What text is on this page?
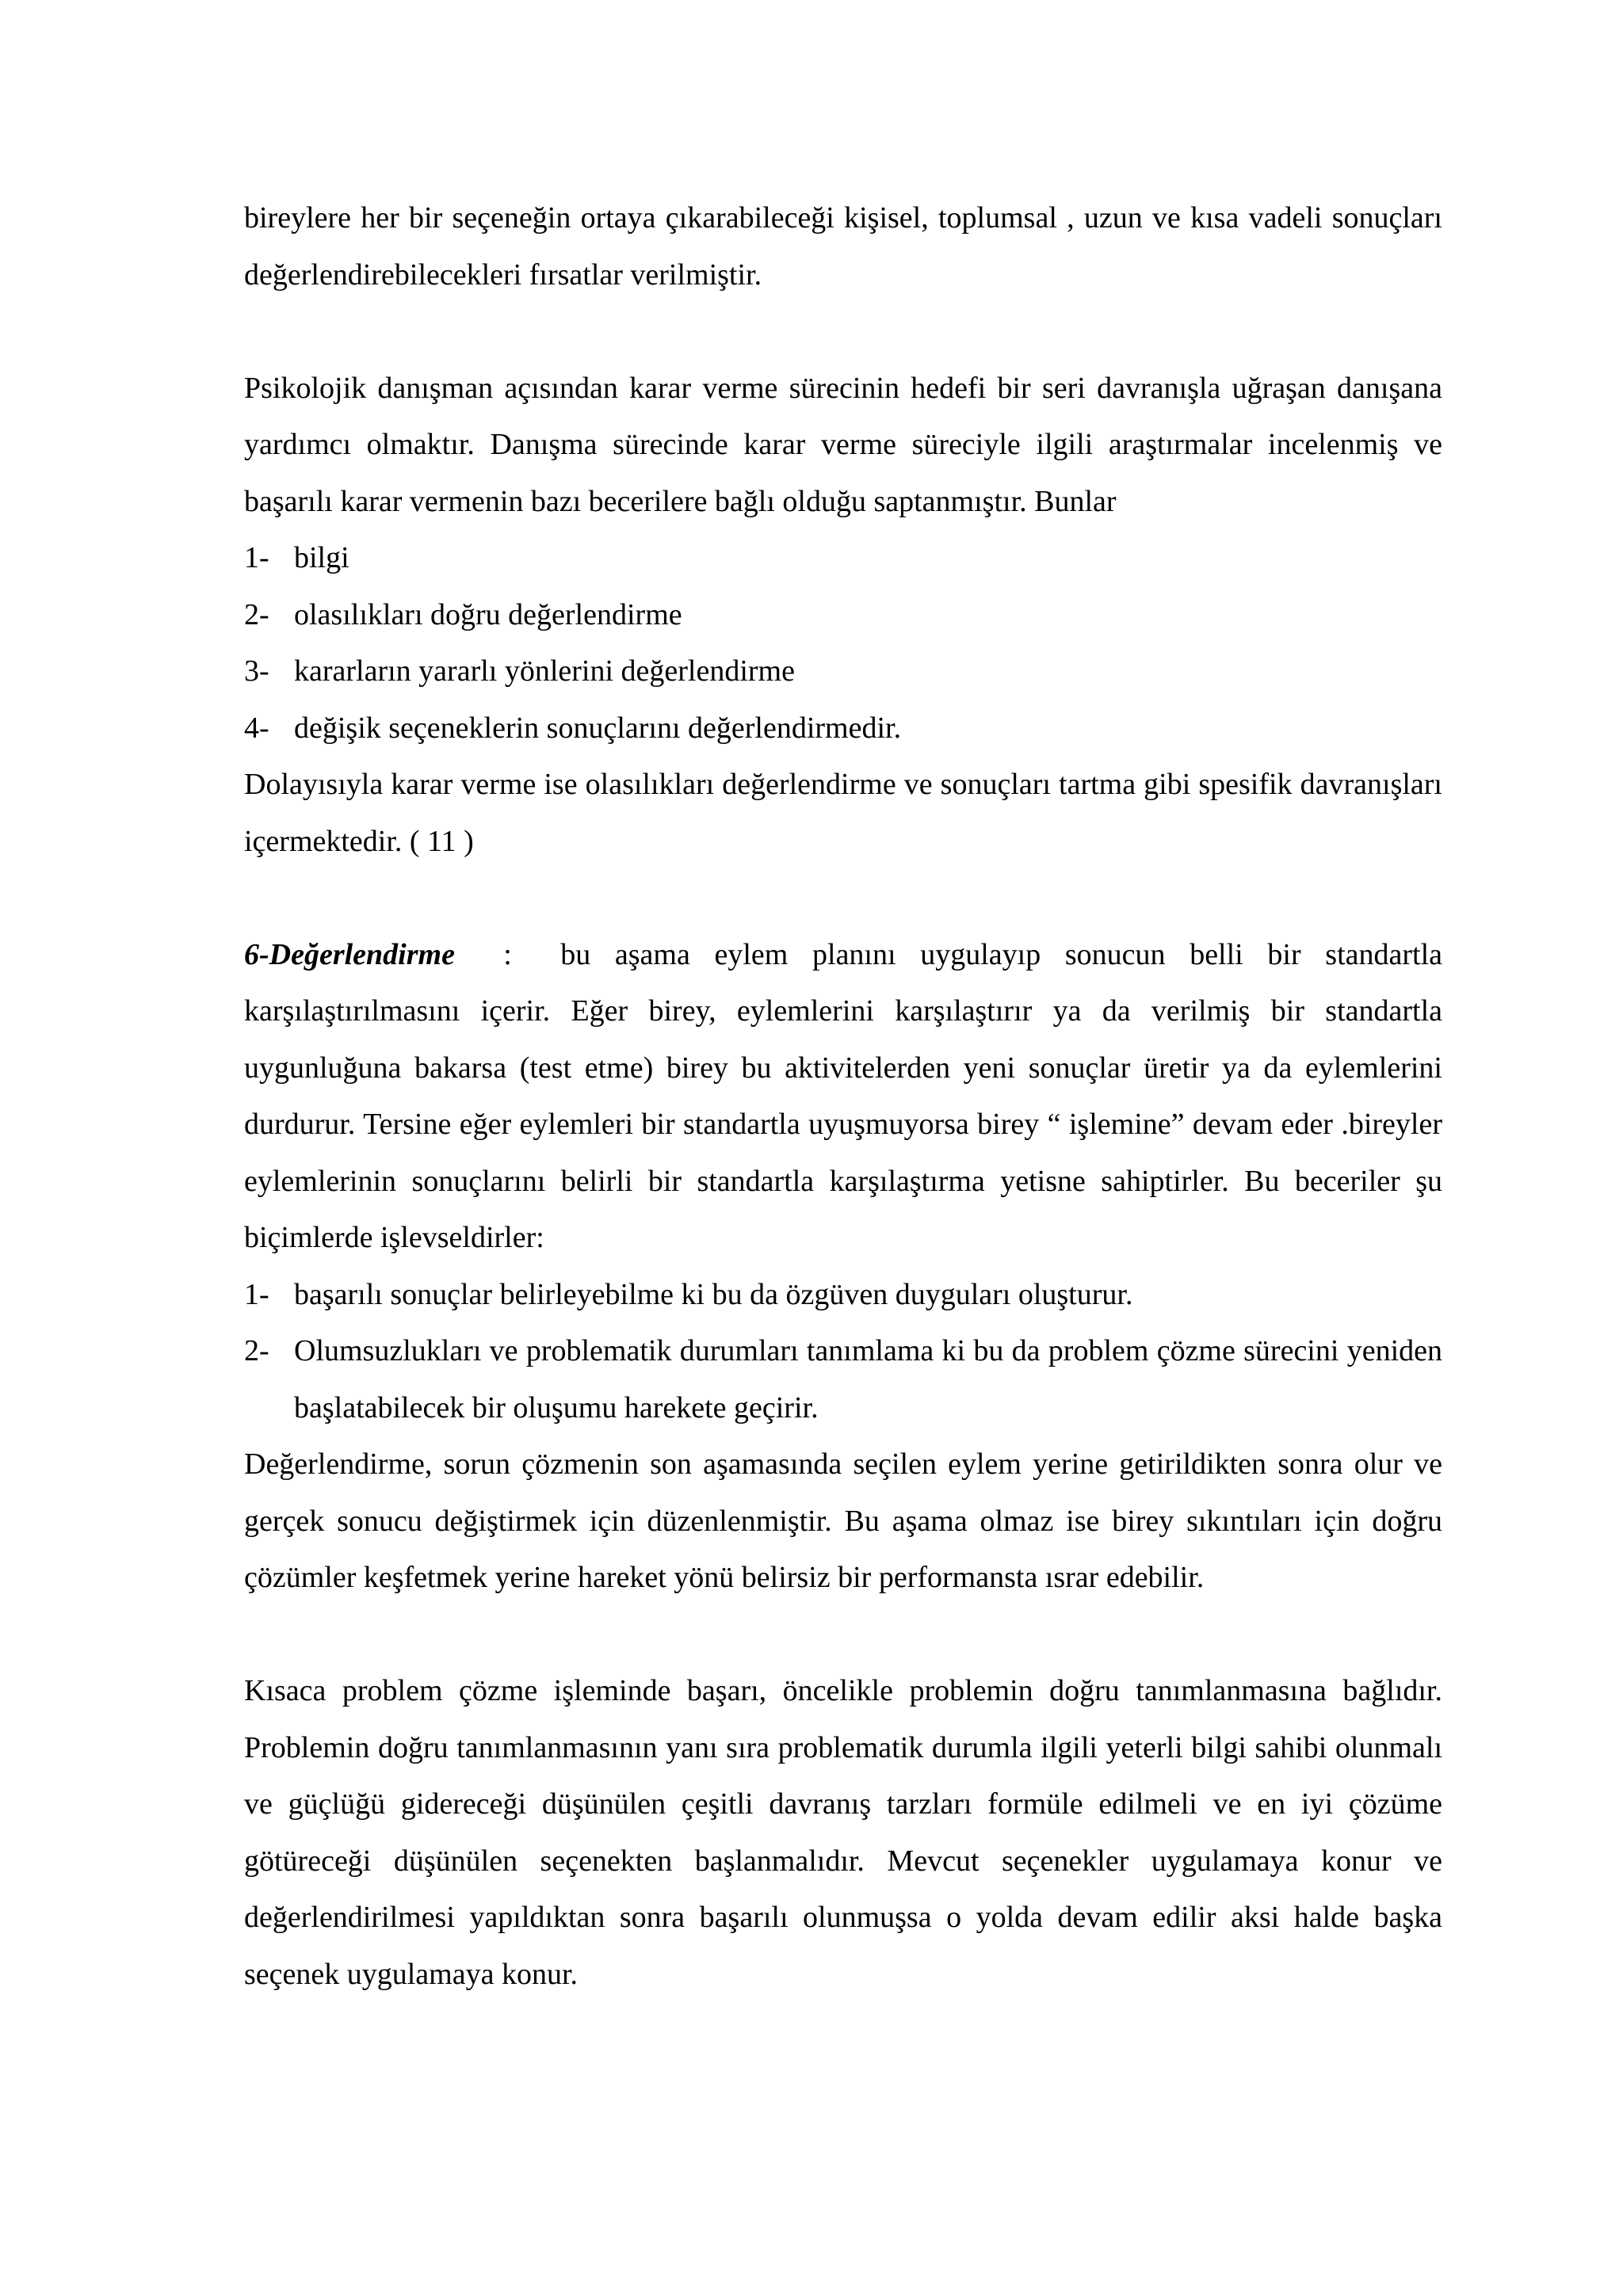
bireylere her bir seçeneğin ortaya çıkarabileceği kişisel, toplumsal , uzun ve kısa vadeli sonuçları değerlendirebilecekleri fırsatlar verilmiştir.

Psikolojik danışman açısından karar verme sürecinin hedefi bir seri davranışla uğraşan danışana yardımcı olmaktır. Danışma sürecinde karar verme süreciyle ilgili araştırmalar incelenmiş ve başarılı karar vermenin bazı becerilere bağlı olduğu saptanmıştır. Bunlar

1- bilgi
2- olasılıkları doğru değerlendirme
3- kararların yararlı yönlerini değerlendirme
4- değişik seçeneklerin sonuçlarını değerlendirmedir.

Dolayısıyla karar verme ise olasılıkları değerlendirme ve sonuçları tartma gibi spesifik davranışları içermektedir. ( 11 )

6-Değerlendirme  :  bu aşama eylem planını uygulayıp sonucun belli bir standartla karşılaştırılmasını içerir. Eğer birey, eylemlerini karşılaştırır ya da verilmiş bir standartla uygunluğuna bakarsa (test etme) birey bu aktivitelerden yeni sonuçlar üretir ya da eylemlerini durdurur. Tersine eğer eylemleri bir standartla uyuşmuyorsa birey “ işlemine” devam eder .bireyler eylemlerinin sonuçlarını belirli bir standartla karşılaştırma yetisne sahiptirler. Bu beceriler şu biçimlerde işlevseldirler:

1- başarılı sonuçlar belirleyebilme ki bu da özgüven duyguları oluşturur.
2- Olumsuzlukları ve problematik durumları tanımlama ki bu da problem çözme sürecini yeniden başlatabilecek bir oluşumu harekete geçirir.

Değerlendirme, sorun çözmenin son aşamasında seçilen eylem yerine getirildikten sonra olur ve gerçek sonucu değiştirmek için düzenlenmiştir. Bu aşama olmaz ise birey sıkıntıları için doğru çözümler keşfetmek yerine hareket yönü belirsiz bir performansta ısrar edebilir.

Kısaca problem çözme işleminde başarı, öncelikle problemin doğru tanımlanmasına bağlıdır. Problemin doğru tanımlanmasının yanı sıra problematik durumla ilgili yeterli bilgi sahibi olunmalı ve güçlüğü gidereceği düşünülen çeşitli davranış tarzları formüle edilmeli ve en iyi çözüme götüreceği düşünülen seçenekten başlanmalıdır. Mevcut seçenekler uygulamaya konur ve değerlendirilmesi yapıldıktan sonra başarılı olunmuşsa o yolda devam edilir aksi halde başka seçenek uygulamaya konur.
